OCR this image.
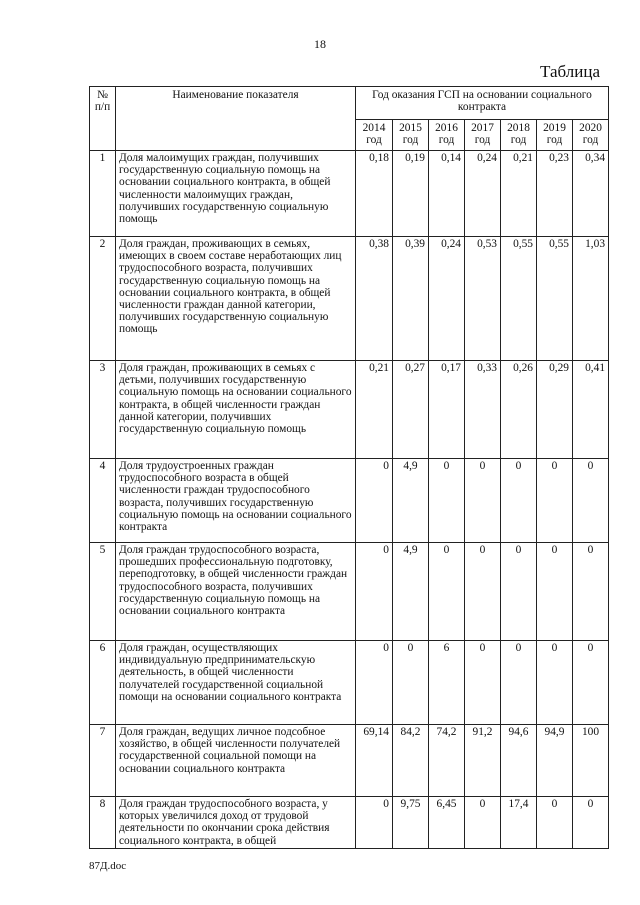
18
Таблица
№
п/п	Наименование показателя	Год оказания ГСП на основании социального контракта						
		2014 год	2015 год	2016 год	2017 год	2018 год	2019 год	2020 год
1	Доля малоимущих граждан, получивших государственную социальную помощь на основании социального контракта, в общей численности малоимущих граждан, получивших государственную социальную помощь	0,18	0,19	0,14	0,24	0,21	0,23	0,34
2	Доля граждан, проживающих в семьях, имеющих в своем составе неработающих лиц трудоспособного возраста, получивших государственную социальную помощь на основании социального контракта, в общей численности граждан данной категории, получивших государственную социальную помощь	0,38	0,39	0,24	0,53	0,55	0,55	1,03
3	Доля граждан, проживающих в семьях с детьми, получивших государственную социальную помощь на основании социального контракта, в общей численности граждан данной категории, получивших государственную социальную помощь	0,21	0,27	0,17	0,33	0,26	0,29	0,41
4	Доля трудоустроенных граждан трудоспособного возраста в общей численности граждан трудоспособного возраста, получивших государственную социальную помощь на основании социального контракта	0	4,9	0	0	0	0	0
5	Доля граждан трудоспособного возраста, прошедших профессиональную подготовку, переподготовку, в общей численности граждан трудоспособного возраста, получивших государственную социальную помощь на основании социального контракта	0	4,9	0	0	0	0	0
6	Доля граждан, осуществляющих индивидуальную предпринимательскую деятельность, в общей численности получателей государственной социальной помощи на основании социального контракта	0	0	6	0	0	0	0
7	Доля граждан, ведущих личное подсобное хозяйство, в общей численности получателей государственной социальной помощи на основании социального контракта	69,14	84,2	74,2	91,2	94,6	94,9	100
8	Доля граждан трудоспособного возраста, у которых увеличился доход от трудовой деятельности по окончании срока действия социального контракта, в общей	0	9,75	6,45	0	17,4	0	0
87Д.doc
